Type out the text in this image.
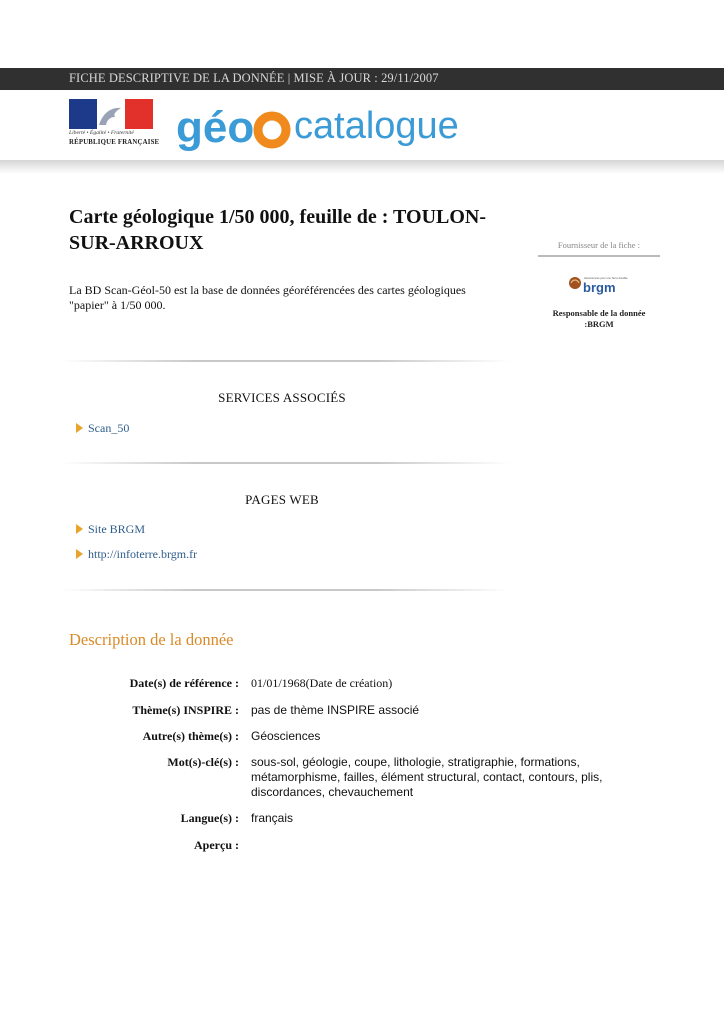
FICHE DESCRIPTIVE DE LA DONNÉE | MISE À JOUR : 29/11/2007
Liberté • Égalité • Fraternité
RÉPUBLIQUE FRANÇAISE géo catalogue
Carte géologique 1/50 000, feuille de : TOULON-SUR-ARROUX
La BD Scan-Géol-50 est la base de données géoréférencées des cartes géologiques "papier" à 1/50 000.
Fournisseur de la fiche :
brgm
Géosciences pour une Terre durable
Responsable de la donnée :BRGM
SERVICES ASSOCIÉS
Scan_50
PAGES WEB
Site BRGM
http://infoterre.brgm.fr
Description de la donnée
Date(s) de référence : 01/01/1968(Date de création)
Thème(s) INSPIRE : pas de thème INSPIRE associé
Autre(s) thème(s) : Géosciences
Mot(s)-clé(s) : sous-sol, géologie, coupe, lithologie, stratigraphie, formations, métamorphisme, failles, élément structural, contact, contours, plis, discordances, chevauchement
Langue(s) : français
Aperçu :
